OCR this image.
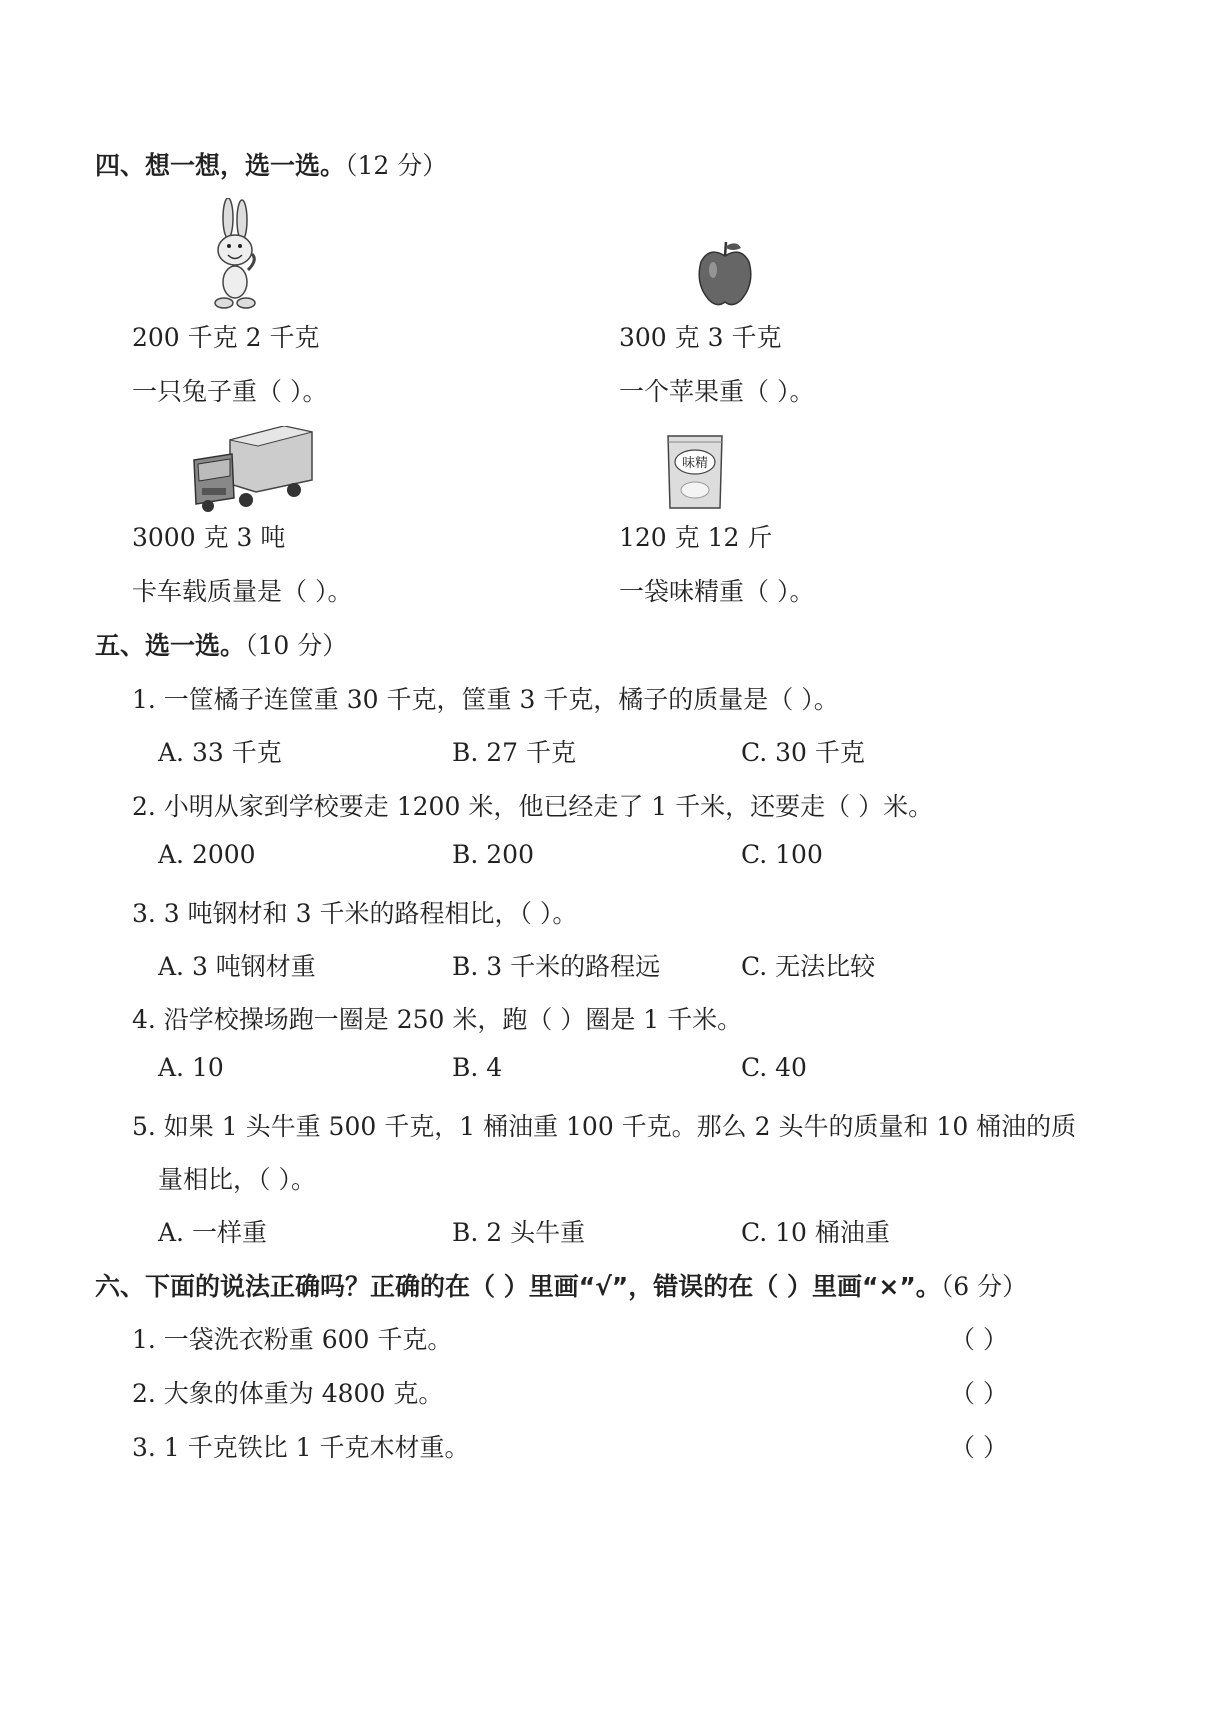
四、想一想，选一选。（12 分）
味精
200 千克 2 千克
一只兔子重（ ）。
300 克 3 千克
一个苹果重（ ）。
3000 克 3 吨
卡车载质量是（ ）。
120 克 12 斤
一袋味精重（ ）。
五、选一选。（10 分）
1. 一筐橘子连筐重 30 千克，筐重 3 千克，橘子的质量是（ ）。
A. 33 千克	B. 27 千克	C. 30 千克
2. 小明从家到学校要走 1200 米，他已经走了 1 千米，还要走（ ）米。
A. 2000	B. 200	C. 100
3. 3 吨钢材和 3 千米的路程相比，（ ）。
A. 3 吨钢材重	B. 3 千米的路程远	C. 无法比较
4. 沿学校操场跑一圈是 250 米，跑（ ）圈是 1 千米。
A. 10	B. 4	C. 40
5. 如果 1 头牛重 500 千克，1 桶油重 100 千克。那么 2 头牛的质量和 10 桶油的质
量相比，（ ）。
A. 一样重	B. 2 头牛重	C. 10 桶油重
六、下面的说法正确吗？正确的在（ ）里画“√”，错误的在（ ）里画“×”。（6 分）
1. 一袋洗衣粉重 600 千克。	（ ）
2. 大象的体重为 4800 克。	（ ）
3. 1 千克铁比 1 千克木材重。	（ ）
